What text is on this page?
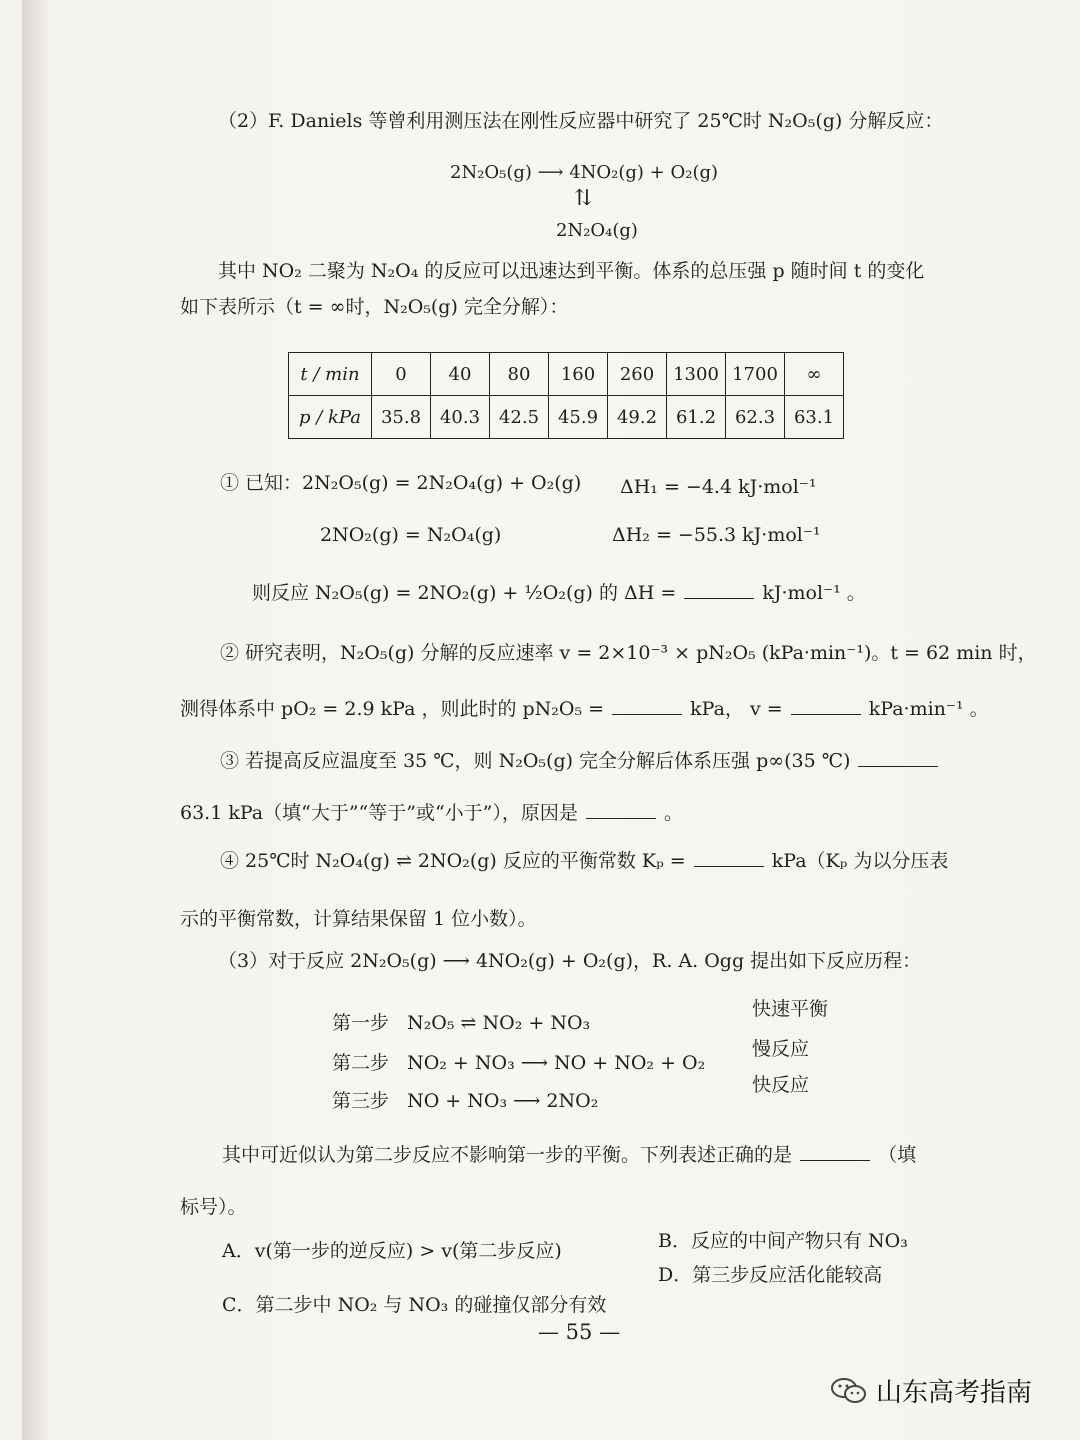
（2）F. Daniels 等曾利用测压法在刚性反应器中研究了 25℃时 N₂O₅(g) 分解反应：
2N₂O₅(g) ⟶ 4NO₂(g) + O₂(g)
⇅
2N₂O₄(g)
其中 NO₂ 二聚为 N₂O₄ 的反应可以迅速达到平衡。体系的总压强 p 随时间 t 的变化
如下表所示（t = ∞时，N₂O₅(g) 完全分解）：
t / min	0	40	80	160	260	1300	1700	∞
p / kPa	35.8	40.3	42.5	45.9	49.2	61.2	62.3	63.1
① 已知：2N₂O₅(g) = 2N₂O₄(g) + O₂(g) ΔH₁ = −4.4 kJ·mol⁻¹
2NO₂(g) = N₂O₄(g)	ΔH₂ = −55.3 kJ·mol⁻¹
则反应 N₂O₅(g) = 2NO₂(g) + ½O₂(g) 的 ΔH =	kJ·mol⁻¹ 。
② 研究表明，N₂O₅(g) 分解的反应速率 v = 2×10⁻³ × pN₂O₅ (kPa·min⁻¹)。t = 62 min 时，
测得体系中 pO₂ = 2.9 kPa ，则此时的 pN₂O₅ =	kPa， v =	kPa·min⁻¹ 。
③ 若提高反应温度至 35 ℃，则 N₂O₅(g) 完全分解后体系压强 p∞(35 ℃)
63.1 kPa（填“大于”“等于”或“小于”），原因是	。
④ 25℃时 N₂O₄(g) ⇌ 2NO₂(g) 反应的平衡常数 Kₚ =	kPa（Kₚ 为以分压表
示的平衡常数，计算结果保留 1 位小数）。
（3）对于反应 2N₂O₅(g) ⟶ 4NO₂(g) + O₂(g)，R. A. Ogg 提出如下反应历程：
第一步 N₂O₅ ⇌ NO₂ + NO₃
快速平衡
第二步 NO₂ + NO₃ ⟶ NO + NO₂ + O₂
慢反应
第三步 NO + NO₃ ⟶ 2NO₂
快反应
其中可近似认为第二步反应不影响第一步的平衡。下列表述正确的是	（填
标号）。
A．v(第一步的逆反应) > v(第二步反应)	B．反应的中间产物只有 NO₃
C．第二步中 NO₂ 与 NO₃ 的碰撞仅部分有效
D．第三步反应活化能较高
— 55 —
山东高考指南
